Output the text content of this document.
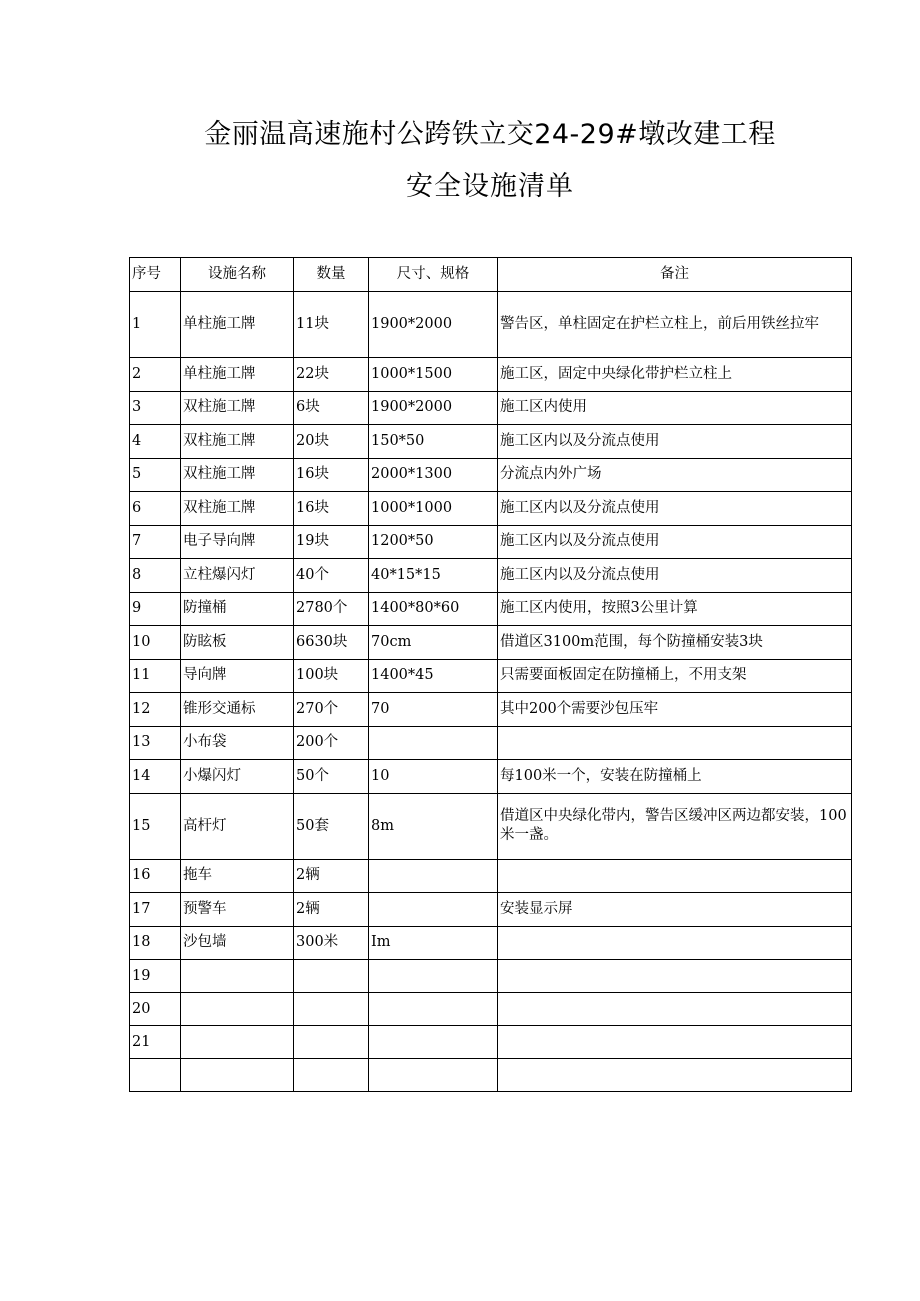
金丽温高速施村公跨铁立交24-29#墩改建工程
安全设施清单
序号	设施名称	数量	尺寸、规格	备注
1	单柱施工牌	11块	1900*2000	警告区，单柱固定在护栏立柱上，前后用铁丝拉牢
2	单柱施工牌	22块	1000*1500	施工区，固定中央绿化带护栏立柱上
3	双柱施工牌	6块	1900*2000	施工区内使用
4	双柱施工牌	20块	150*50	施工区内以及分流点使用
5	双柱施工牌	16块	2000*1300	分流点内外广场
6	双柱施工牌	16块	1000*1000	施工区内以及分流点使用
7	电子导向牌	19块	1200*50	施工区内以及分流点使用
8	立柱爆闪灯	40个	40*15*15	施工区内以及分流点使用
9	防撞桶	2780个	1400*80*60	施工区内使用，按照3公里计算
10	防眩板	6630块	70cm	借道区3100m范围，每个防撞桶安装3块
11	导向牌	100块	1400*45	只需要面板固定在防撞桶上，不用支架
12	锥形交通标	270个	70	其中200个需要沙包压牢
13	小布袋	200个		
14	小爆闪灯	50个	10	每100米一个，安装在防撞桶上
15	高杆灯	50套	8m	借道区中央绿化带内，警告区缓冲区两边都安装，100米一盏。
16	拖车	2辆		
17	预警车	2辆		安装显示屏
18	沙包墙	300米	Im	
19				
20				
21				
